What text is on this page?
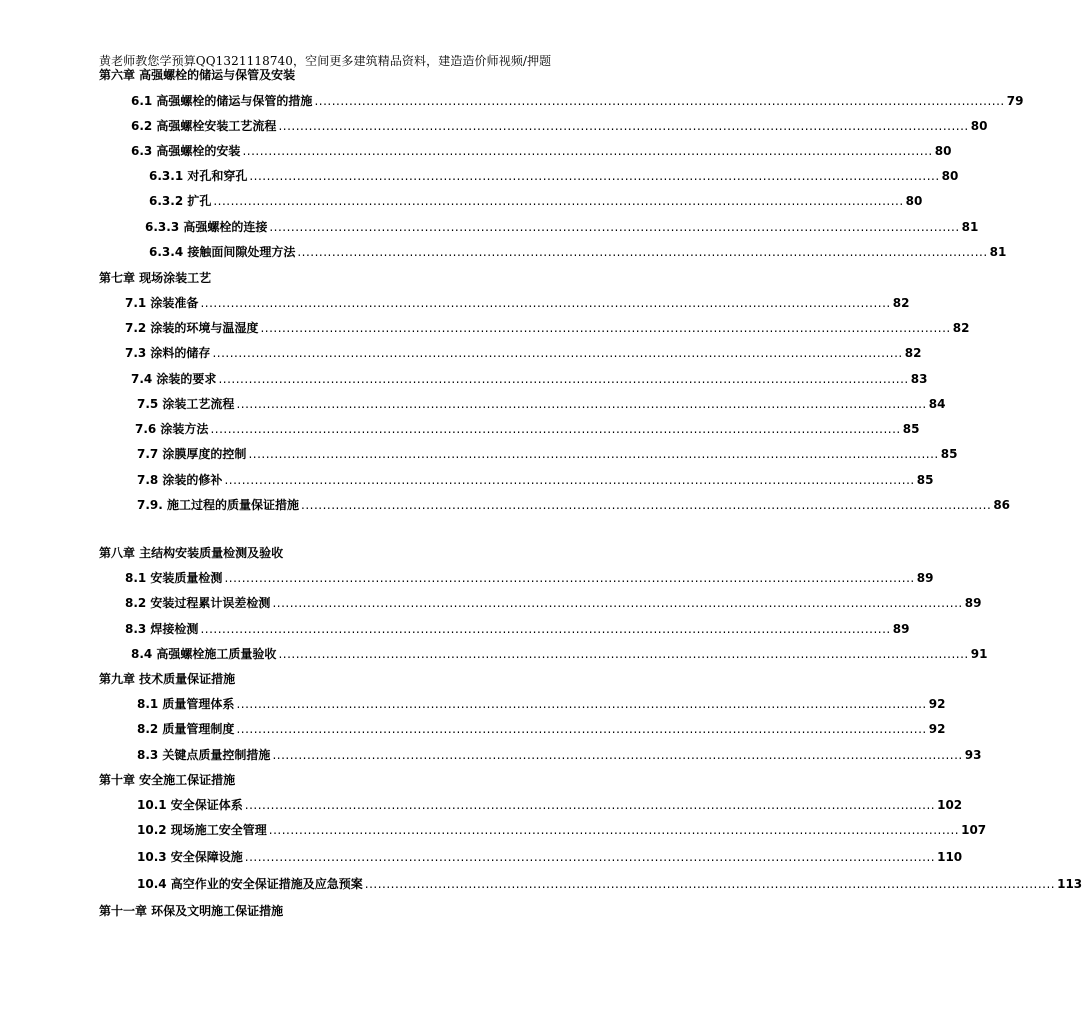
黄老师教您学预算QQ1321118740，空间更多建筑精品资料，建造造价师视频/押题
第六章 高强螺栓的储运与保管及安装
6.1 高强螺栓的储运与保管的措施 ................................................................................................................................................................ 79
6.2 高强螺栓安装工艺流程 ................................................................................................................................................................ 80
6.3 高强螺栓的安装 ................................................................................................................................................................ 80
6.3.1 对孔和穿孔 ................................................................................................................................................................ 80
6.3.2 扩孔 ................................................................................................................................................................ 80
6.3.3 高强螺栓的连接 ................................................................................................................................................................ 81
6.3.4 接触面间隙处理方法 ................................................................................................................................................................ 81
第七章 现场涂装工艺
7.1 涂装准备 ................................................................................................................................................................ 82
7.2 涂装的环境与温湿度 ................................................................................................................................................................ 82
7.3 涂料的储存 ................................................................................................................................................................ 82
7.4 涂装的要求 ................................................................................................................................................................ 83
7.5 涂装工艺流程 ................................................................................................................................................................ 84
7.6 涂装方法 ................................................................................................................................................................ 85
7.7 涂膜厚度的控制 ................................................................................................................................................................ 85
7.8 涂装的修补 ................................................................................................................................................................ 85
7.9. 施工过程的质量保证措施 ................................................................................................................................................................ 86
第八章 主结构安装质量检测及验收
8.1 安装质量检测 ................................................................................................................................................................ 89
8.2 安装过程累计误差检测 ................................................................................................................................................................ 89
8.3 焊接检测 ................................................................................................................................................................ 89
8.4 高强螺栓施工质量验收 ................................................................................................................................................................ 91
第九章 技术质量保证措施
8.1 质量管理体系 ................................................................................................................................................................ 92
8.2 质量管理制度 ................................................................................................................................................................ 92
8.3 关键点质量控制措施 ................................................................................................................................................................ 93
第十章 安全施工保证措施
10.1 安全保证体系 ................................................................................................................................................................ 102
10.2 现场施工安全管理 ................................................................................................................................................................ 107
10.3 安全保障设施 ................................................................................................................................................................ 110
10.4 高空作业的安全保证措施及应急预案 ................................................................................................................................................................ 113
第十一章 环保及文明施工保证措施
